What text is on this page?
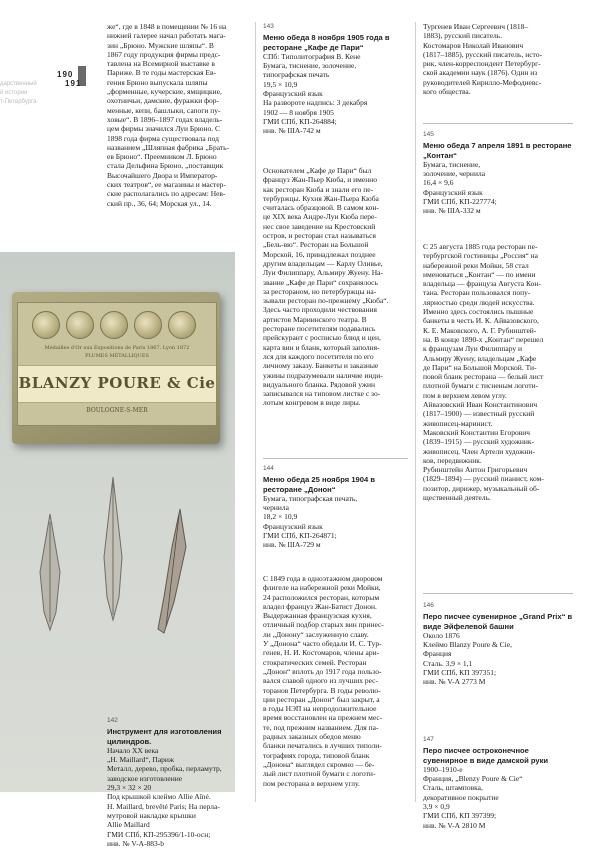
190 191
дарственный
й истории
т-Петербурга

же“, где в 1848 в помещении № 16 на

нижней галерее начал работать мага-

зин „Брюно. Мужские шляпы“. В

1867 году продукция фирмы предс-

тавлена на Всемирной выставке в

Париже. В те годы мастерская Ев-

гения Брюно выпускала шляпы

„форменные, кучерские, ямщицкие,

охотничьи, дамские, фуражки фор-

менные, кепи, башлыки, сапоги пу-

ховые“. В 1896–1897 годах владель-

цем фирмы значился Луи Брюно. С

1898 года фирма существовала под

названием „Шляпная фабрика „Брать-

ев Брюно“. Преемником Л. Брюно

стала Дельфина Брюно, „поставщик

Высочайшего Двора и Император-

ских театров“, ее магазины и мастер-

ские располагались по адресам: Нев-

ский пр., 36, 64; Морская ул., 14.

Médailles d'Or aux Expositions de Paris 1867. Lyon 1872
PLUMES MÉTALLIQUES
BLANZY POURE & Cie
BOULOGNE-S-MER
142
Инструмент для изготовления цилиндров.

Начало XX века

„H. Maillard“, Париж

Металл, дерево, пробка, перламутр,

заводское изготовление

29,3 × 32 × 20

Под крышкой клеймо Allie Aîné.

H. Maillard, brevêté Paris; На перла-

мутровой накладке крышки

Allie Maillard

ГМИ СПб, КП-295396/1-10-осн;

инв. № V-A-883-b

143
Меню обеда 8 ноября 1905 года в ресторане „Кафе де Пари“

СПб: Типолитография В. Кене

Бумага, тиснение, золочение,

типографская печать

19,5 × 10,9

Французский язык

На развороте надпись: 3 декабря

1902 — 8 ноября 1905

ГМИ СПб, КП-264884;

инв. № IIIA-742 м

Основателем „Кафе де Пари“ был

француз Жан-Пьер Кюба, и именно

как ресторан Кюба и знали его пе-

тербуржцы. Кухня Жан-Пьера Кюба

считалась образцовой. В самом кон-

це XIX века Андре-Луи Кюба пере-

нес свое заведение на Крестовский

остров, и ресторан стал называться

„Бель-вю“. Ресторан на Большой

Морской, 16, принадлежал позднее

другим владельцам — Карлу Оливье,

Луи Филиппару, Альмиру Жуену. На-

звание „Кафе де Пари“ сохранялось

за рестораном, но петербуржцы на-

зывали ресторан по-прежнему „Кюба“.

Здесь часто проходили чествования

артистов Мариинского театра. В

ресторане посетителям подавались

прейскурант с росписью блюд и цен,

карта вин и бланк, который заполня-

лся для каждого посетителя по его

личному заказу. Банкеты и заказные

ужины подразумевали наличие инди-

видуального бланка. Рядовой ужин

записывался на типовом листке с зо-

лотым конгревом в виде лиры.

144
Меню обеда 25 ноября 1904 в ресторане „Донон“

Бумага, типографская печать,

чернила

18,2 × 10,9

Французский язык

ГМИ СПб, КП-264871;

инв. № IIIA-729 м

С 1849 года в одноэтажном дворовом

флигеле на набережной реки Мойки,

24 расположился ресторан, которым

владел француз Жан-Батист Донон.

Выдержанная французская кухня,

отличный подбор старых вин принес-

ли „Донону“ заслуженную славу.

У „Донона“ часто обедали И. С. Тур-

генев, Н. И. Костомаров, члены ари-

стократических семей. Ресторан

„Донон“ вплоть до 1917 года пользо-

вался славой одного из лучших рес-

торанов Петербурга. В годы револю-

ции ресторан „Донон“ был закрыт, а

в годы НЭП на непродолжительное

время восстановлен на прежнем мес-

те, под прежним названием. Для па-

радных заказных обедов меню

бланки печатались в лучших типоли-

тографиях города, типовой бланк

„Донона“ выглядел скромно — бе-

лый лист плотной бумаги с логоти-

пом ресторана в верхнем углу.

Тургенев Иван Сергеевич (1818–

1883), русский писатель.

Костомаров Николай Иванович

(1817–1885), русский писатель, исто-

рик, член-корреспондент Петербург-

ской академии наук (1876). Один из

руководителей Кирилло-Мефодиевс-

кого общества.

145
Меню обеда 7 апреля 1891 в ресторане „Контан“

Бумага, тиснение,

золочение, чернила

16,4 × 9,6

Французский язык

ГМИ СПб, КП-227774;

инв. № IIIA-332 м

С 25 августа 1885 года ресторан пе-

тербургской гостиницы „Россия“ на

набережной реки Мойки, 58 стал

именоваться „Контан“ — по имени

владельца — француза Августа Кон-

тана. Ресторан пользовался попу-

лярностью среди людей искусства.

Именно здесь состоялись пышные

банкеты в честь И. К. Айвазовского,

К. Е. Маковского, А. Г. Рубинштей-

на. В конце 1890-х „Контан“ перешел

к французам Луи Филиппару и

Альмиру Жуену, владельцам „Кафе

де Пари“ на Большой Морской. Ти-

повой бланк ресторана — белый лист

плотной бумаги с тисненым логоти-

пом в верхнем левом углу.

Айвазовский Иван Константинович

(1817–1900) — известный русский

живописец-маринист.

Маковский Константин Егорович

(1839–1915) — русский художник-

живописец. Член Артели художни-

ков, передвижник.

Рубинштейн Антон Григорьевич

(1829–1894) — русский пианист, ком-

позитор, дирижер, музыкальный об-

щественный деятель.

146
Перо писчее сувенирное „Grand Prix“ в виде Эйфелевой башни

Около 1876

Клеймо Blanzy Poure & Cie,

Франция

Сталь. 3,9 × 1,1

ГМИ СПб, КП 397351;

инв. № V-А 2773 М

147
Перо писчее остроконечное сувенирное в виде дамской руки

1900–1910-е

Франция, „Blenzy Poure & Cie“

Сталь, штамповка,

декоративное покрытие

3,9 × 0,9

ГМИ СПб, КП 397399;

инв. № V-А 2810 М
